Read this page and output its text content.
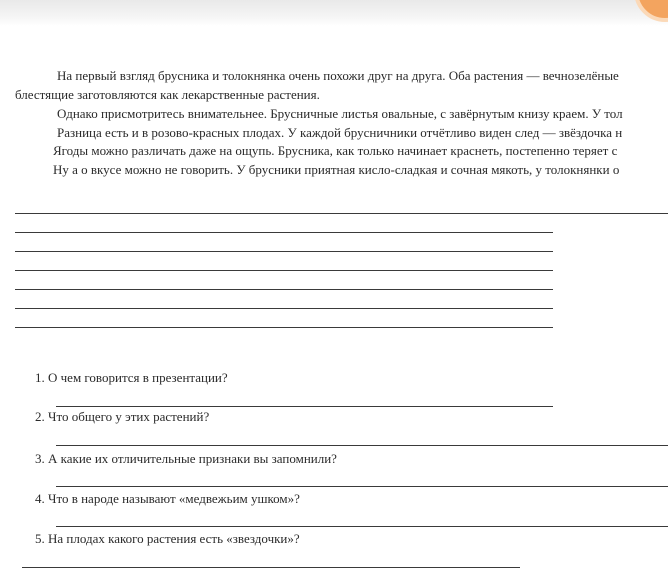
На первый взгляд брусника и толокнянка очень похожи друг на друга. Оба растения — вечнозелёные
блестящие заготовляются как лекарственные растения.
Однако присмотритесь внимательнее. Брусничные листья овальные, с завёрнутым книзу краем. У тол
Разница есть и в розово-красных плодах. У каждой брусничники отчётливо виден след — звёздочка н
Ягоды можно различать даже на ощупь. Брусника, как только начинает краснеть, постепенно теряет с
Ну а о вкусе можно не говорить. У брусники приятная кисло-сладкая и сочная мякоть, у толокнянки о
1. О чем говорится в презентации?
2. Что общего у этих растений?
3. А какие их отличительные признаки вы запомнили?
4. Что в народе называют «медвежьим ушком»?
5. На плодах какого растения есть «звездочки»?
